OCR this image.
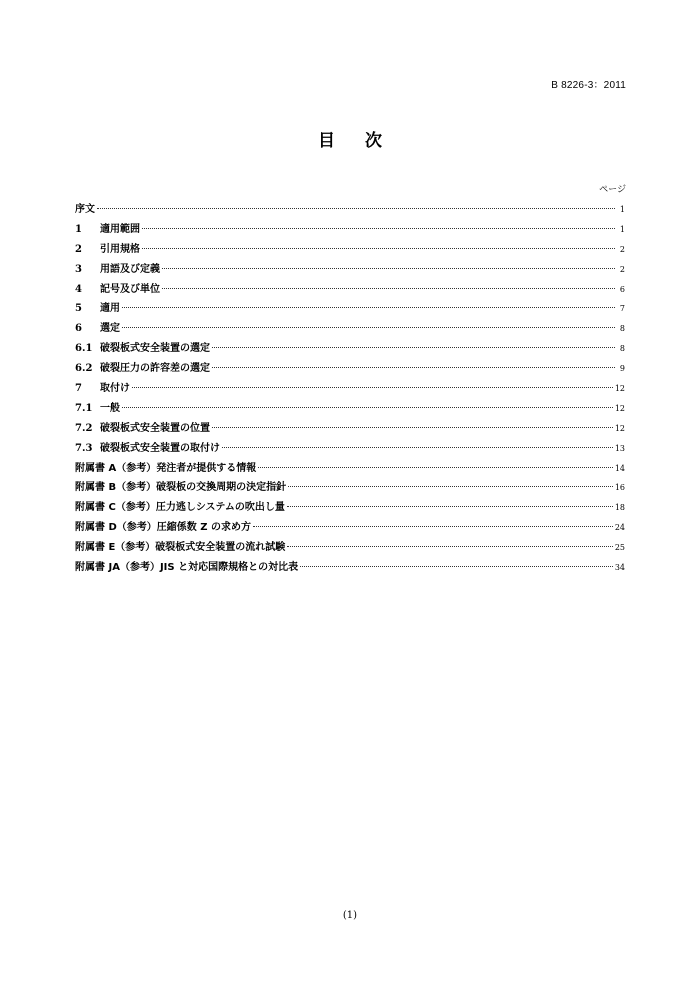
B 8226-3：2011
目 次
ページ
序文	1
1	適用範囲	1
2	引用規格	2
3	用語及び定義	2
4	記号及び単位	6
5	適用	7
6	選定	8
6.1 破裂板式安全装置の選定	8
6.2 破裂圧力の許容差の選定	9
7	取付け	12
7.1 一般	12
7.2 破裂板式安全装置の位置	12
7.3 破裂板式安全装置の取付け	13
附属書 A（参考）発注者が提供する情報	14
附属書 B（参考）破裂板の交換周期の決定指針	16
附属書 C（参考）圧力逃しシステムの吹出し量	18
附属書 D（参考）圧縮係数 Z の求め方	24
附属書 E（参考）破裂板式安全装置の流れ試験	25
附属書 JA（参考）JIS と対応国際規格との対比表	34
(1)
